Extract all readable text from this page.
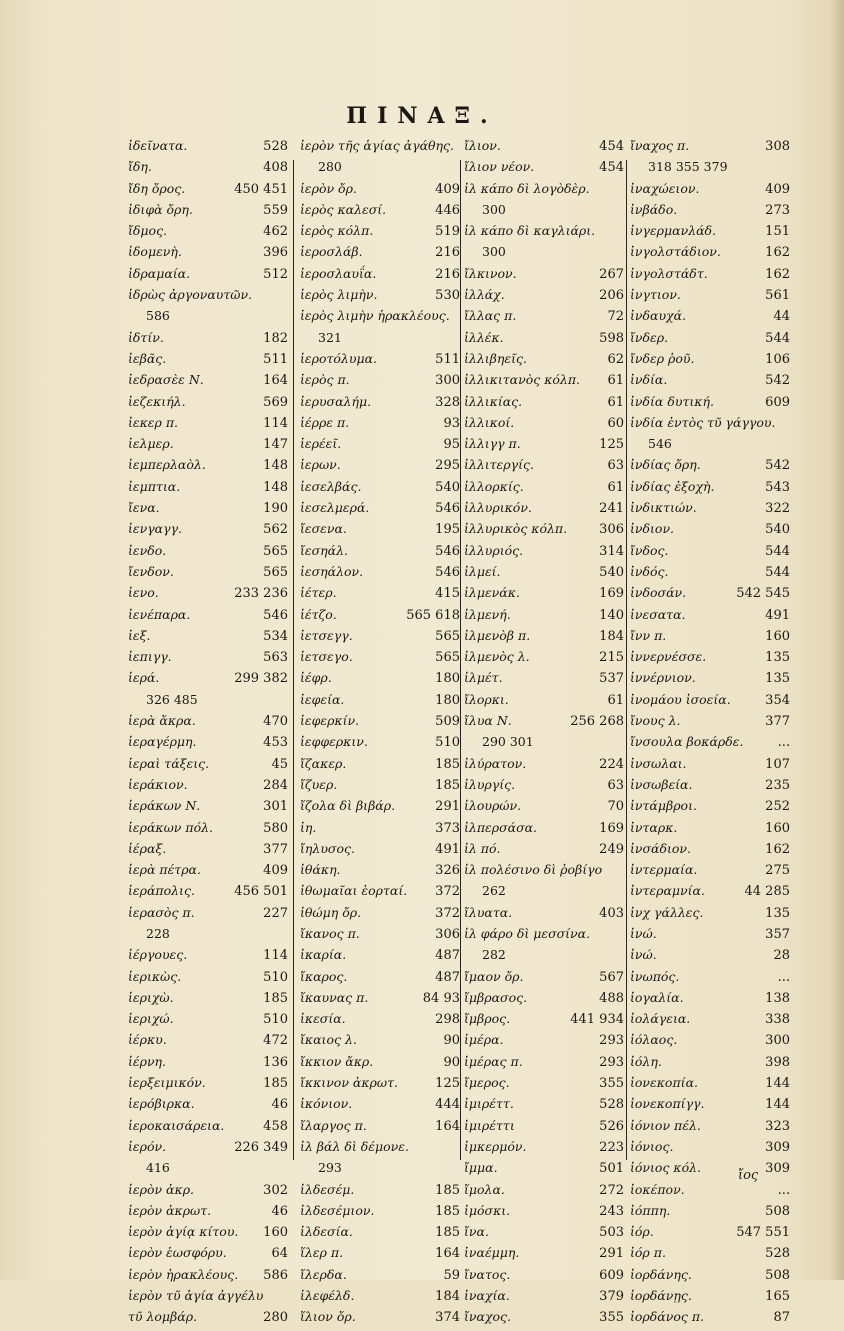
ΠΙΝΑΞ.
ἰδεῖνατα.	528
ἴδη.	408
ἴδη ὄρος.	450 451
ἰδιφὰ ὄρη.	559
ἴδμος.	462
ἰδομενὴ.	396
ἰδραμαία.	512
ἱδρὼς ἀργοναυτῶν.
586
ἰδτίν.	182
ἰεβᾶς.	511
ἰεδρασὲε Ν.	164
ἰεζεκιήλ.	569
ἰεκερ π.	114
ἰελμερ.	147
ἰεμπερλαὸλ.	148
ἰεμπτια.	148
ἴενα.	190
ἰενγαγγ.	562
ἰενδο.	565
ἴενδον.	565
ἰενο.	233 236
ἰενέπαρα.	546
ἰεξ.	534
ἰεπιγγ.	563
ἱερά.	299 382
326 485
ἱερὰ ἄκρα.	470
ἱεραγέρμη.	453
ἱεραὶ τάξεις.	45
ἱεράκιον.	284
ἱεράκων Ν.	301
ἱεράκων πόλ.	580
ἱέραξ.	377
ἱερὰ πέτρα.	409
ἱεράπολις.	456 501
ἱερασὸς π.	227
228
ἱέργουες.	114
ἱερικὼς.	510
ἱεριχὼ.	185
ἱεριχώ.	510
ἱέρκυ.	472
ἱέρνη.	136
ἱερξειμικόν.	185
ἱερόβιρκα.	46
ἱεροκαισάρεια.	458
ἱερόν.	226 349
416
ἱερὸν ἀκρ.	302
ἱερὸν ἀκρωτ.	46
ἱερὸν ἀγίᾳ κίτου. 160
ἱερὸν ἑωσφόρυ.	64
ἱερὸν ἡρακλέους. 586
ἱερὸν τῦ ἁγία ἀγγέλυ
τῦ λομβάρ.	280
ἱερὸν τῆς ἁγίας ἀγάθης.
280
ἱερὸν ὄρ.	409
ἱερὸς καλεσί.	446
ἱερὸς κόλπ.	519
ἱεροσλάβ.	216
ἱεροσλαυΐα.	216
ἱερὸς λιμὴν.	530
ἱερὸς λιμὴν ἡρακλέους.
321
ἱεροτόλυμα.	511
ἱερὸς π.	300
ἱερυσαλήμ.	328
ἱέρρε π.	93
ἱερέεῖ.	95
ἱερων.	295
ἰεσελβάς.	540
ἰεσελμερά.	546
ἴεσενα.	195
ἴεσηάλ.	546
ἰεσηάλον.	546
ἰέτερ.	415
ἱέτζο.	565 618
ἰετσεγγ.	565
ἰετσεγο.	565
ἰέφρ.	180
ἰεφεία.	180
ἰεφερκίν.	509
ἰεφφερκιν.	510
ἴζακερ.	185
ἴζυερ.	185
ἴζολα δὶ βιβάρ.	291
ἰη.	373
ἴηλυσος.	491
ἰθάκη.	326
ἰθωμαῖαι ἑορταί. 372
ἰθώμη ὄρ.	372
ἴκανος π.	306
ἰκαρία.	487
ἴκαρος.	487
ἴκαυνας π.	84 93
ἰκεσία.	298
ἴκαιος λ.	90
ἴκκιον ἄκρ.	90
ἴκκινον ἀκρωτ.	125
ἰκόνιον.	444
ἴλαργος π.	164
ἰλ βάλ δὶ δέμονε.
293
ἰλδεσέμ.	185
ἰλδεσέμιον.	185
ἰλδεσία.	185
ἴλερ π.	164
ἴλερδα.	59
ἰλεφέλδ.	184
ἴλιον ὄρ.	374
ἴλιον.	454
ἴλιον νέον.	454
ἰλ κάπο δὶ λογὸδὲρ.
300
ἰλ κάπο δὶ καγλιάρι.
300
ἴλκινον.	267
ἰλλάχ.	206
ἴλλας π.	72
ἰλλέκ.	598
ἰλλιβηεῖς.	62
ἰλλικιτανὸς κόλπ. 61
ἰλλικίας.	61
ἰλλικοί.	60
ἰλλιγγ π.	125
ἰλλιτεργίς.	63
ἰλλορκίς.	61
ἰλλυρικόν.	241
ἰλλυρικὸς κόλπ. 306
ἰλλυριός.	314
ἰλμεί.	540
ἰλμενάκ.	169
ἰλμενή.	140
ἰλμενὸβ π.	184
ἰλμενὸς λ.	215
ἰλμέτ.	537
ἴλορκι.	61
ἴλυα Ν.	256 268
290 301
ἰλύρατον.	224
ἰλυργίς.	63
ἰλουρών.	70
ἰλπερσάσα.	169
ἰλ πό.	249
ἰλ πολέσινο δὶ ῥοβίγο
262
ἴλυατα.	403
ἰλ φάρο δὶ μεσσίνα.
282
ἴμαον ὄρ.	567
ἴμβρασος.	488
ἴμβρος.	441 934
ἱμέρα.	293
ἱμέρας π.	293
ἴμερος.	355
ἰμιρέττ.	528
ἰμιρέττι	526
ἰμκερμόν.	223
ἴμμα.	501
ἴμολα.	272
ἰμόσκι.	243
ἴνα.	503
ἰναέμμη.	291
ἴνατος.	609
ἰναχία.	379
ἴναχος.	355
ἴναχος π.	308
318 355 379
ἰναχώειον.	409
ἰνβάδο.	273
ἰνγερμανλάδ.	151
ἰνγολστάδιον.	162
ἰνγολστάδτ.	162
ἰνγτιον.	561
ἰνδαυχά.	44
ἴνδερ.	544
ἴνδερ ῥοῦ.	106
ἰνδία.	542
ἰνδία δυτική.	609
ἰνδία ἐντὸς τῦ γάγγου.
546
ἰνδίας ὄρη.	542
ἰνδίας ἐξοχὴ.	543
ἰνδικτιών.	322
ἰνδιον.	540
ἴνδος.	544
ἰνδός.	544
ἰνδοσάν.	542 545
ἰνεσατα.	491
ἴνν π.	160
ἰννερνέσσε.	135
ἰννέρνιον.	135
ἰνομάου ἰσοεία.	354
ἴνους λ.	377
ἴνσουλα βοκάρδε.	...
ἰνσωλαι.	107
ἰνσωβεία.	235
ἰντάμβροι.	252
ἰνταρκ.	160
ἰνσάδιον.	162
ἰντερμαία.	275
ἰντεραμνία.	44 285
ἰνχ γάλλες.	135
ἰνώ.	357
ἰνώ.	28
ἰνωπός.	...
ἰογαλία.	138
ἰολάγεια.	338
ἰόλαος.	300
ἰόλη.	398
ἰονεκοπία.	144
ἰονεκοπίγγ.	144
ἰόνιον πέλ.	323
ἰόνιος.	309
ἰόνιος κόλ.	309
ἰοκέπον.	...
ἰόππη.	508
ἰόρ.	547 551
ἰόρ π.	528
ἰορδάνης.	508
ἰορδάνῃς.	165
ἰορδάνος π.	87
ἴος
